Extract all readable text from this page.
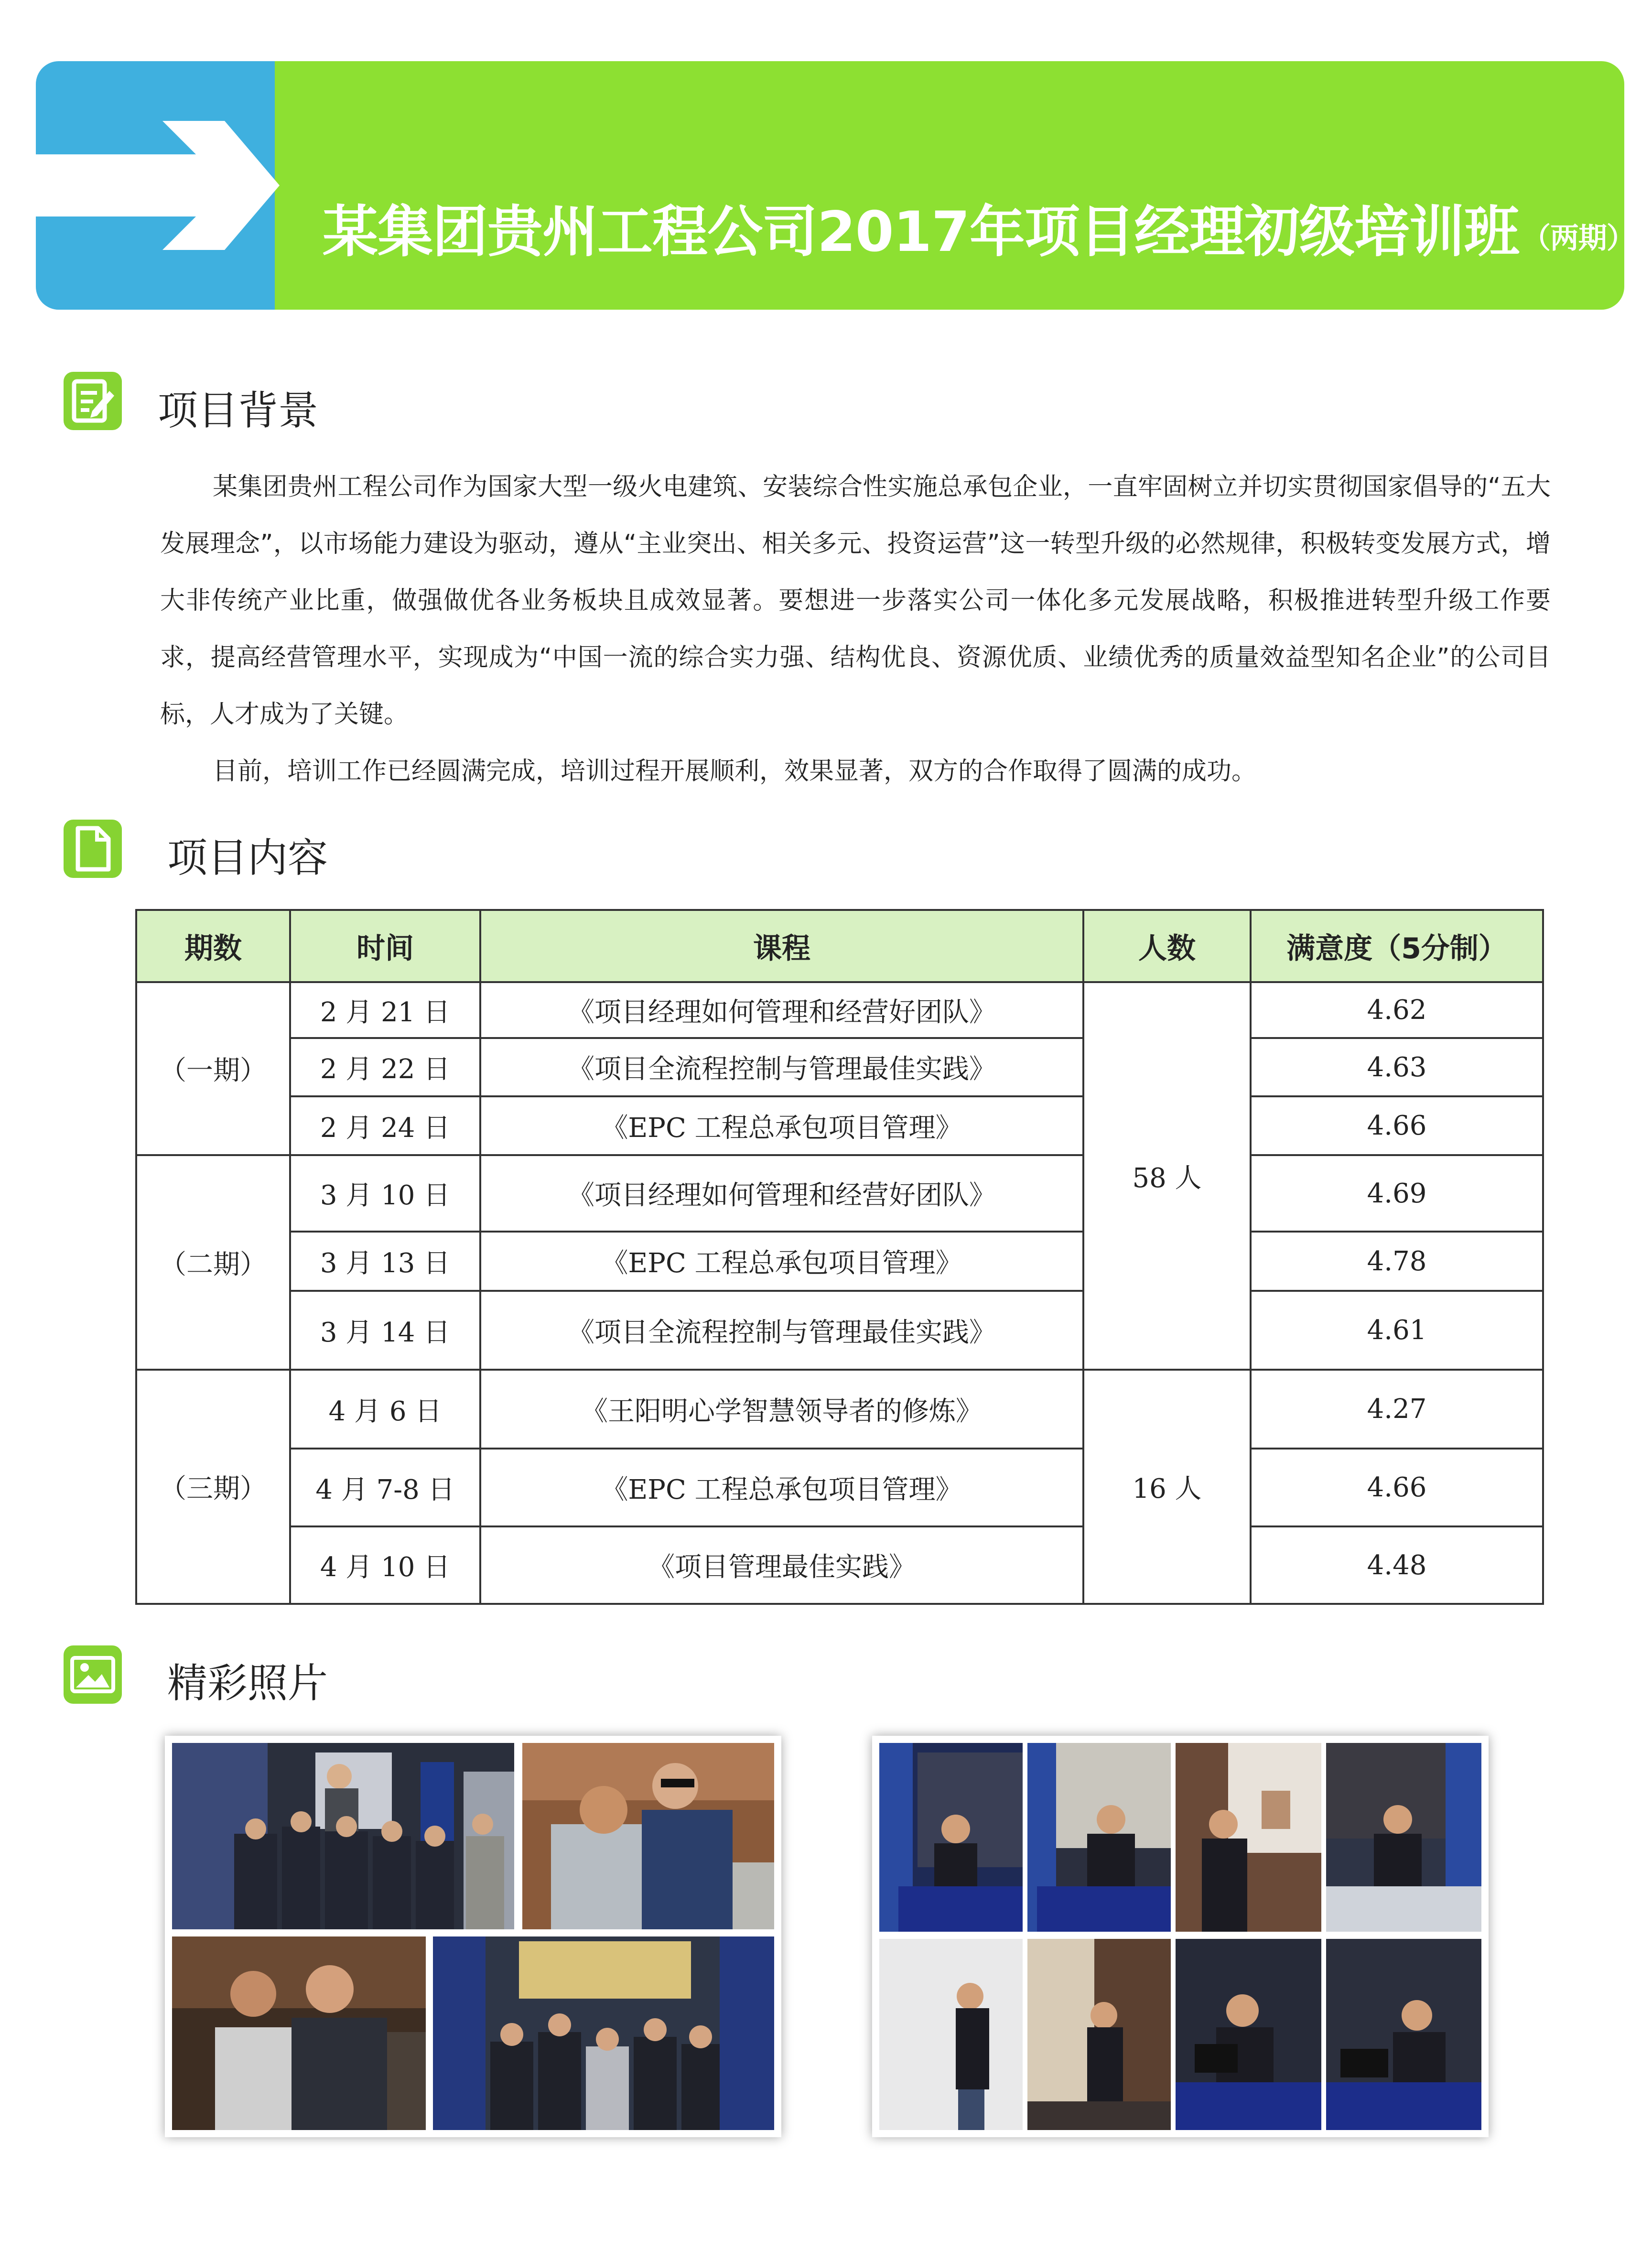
某集团贵州工程公司2017年项目经理初级培训班 （两期）
项目背景

某集团贵州工程公司作为国家大型一级火电建筑、安装综合性实施总承包企业，一直牢固树立并切实贯彻国家倡导的“五大发展理念”，以市场能力建设为驱动，遵从“主业突出、相关多元、投资运营”这一转型升级的必然规律，积极转变发展方式，增大非传统产业比重，做强做优各业务板块且成效显著。要想进一步落实公司一体化多元发展战略，积极推进转型升级工作要求，提高经营管理水平，实现成为“中国一流的综合实力强、结构优良、资源优质、业绩优秀的质量效益型知名企业”的公司目标，人才成为了关键。

目前，培训工作已经圆满完成，培训过程开展顺利，效果显著，双方的合作取得了圆满的成功。

项目内容
期数	时间	课程	人数	满意度（5分制）
（一期）	2 月 21 日	《项目经理如何管理和经营好团队》	58 人	4.62
	2 月 22 日	《项目全流程控制与管理最佳实践》		4.63
	2 月 24 日	《EPC 工程总承包项目管理》		4.66
（二期）	3 月 10 日	《项目经理如何管理和经营好团队》		4.69
	3 月 13 日	《EPC 工程总承包项目管理》		4.78
	3 月 14 日	《项目全流程控制与管理最佳实践》		4.61
（三期）	4 月 6 日	《王阳明心学智慧领导者的修炼》	16 人	4.27
	4 月 7-8 日	《EPC 工程总承包项目管理》		4.66
	4 月 10 日	《项目管理最佳实践》		4.48
精彩照片
